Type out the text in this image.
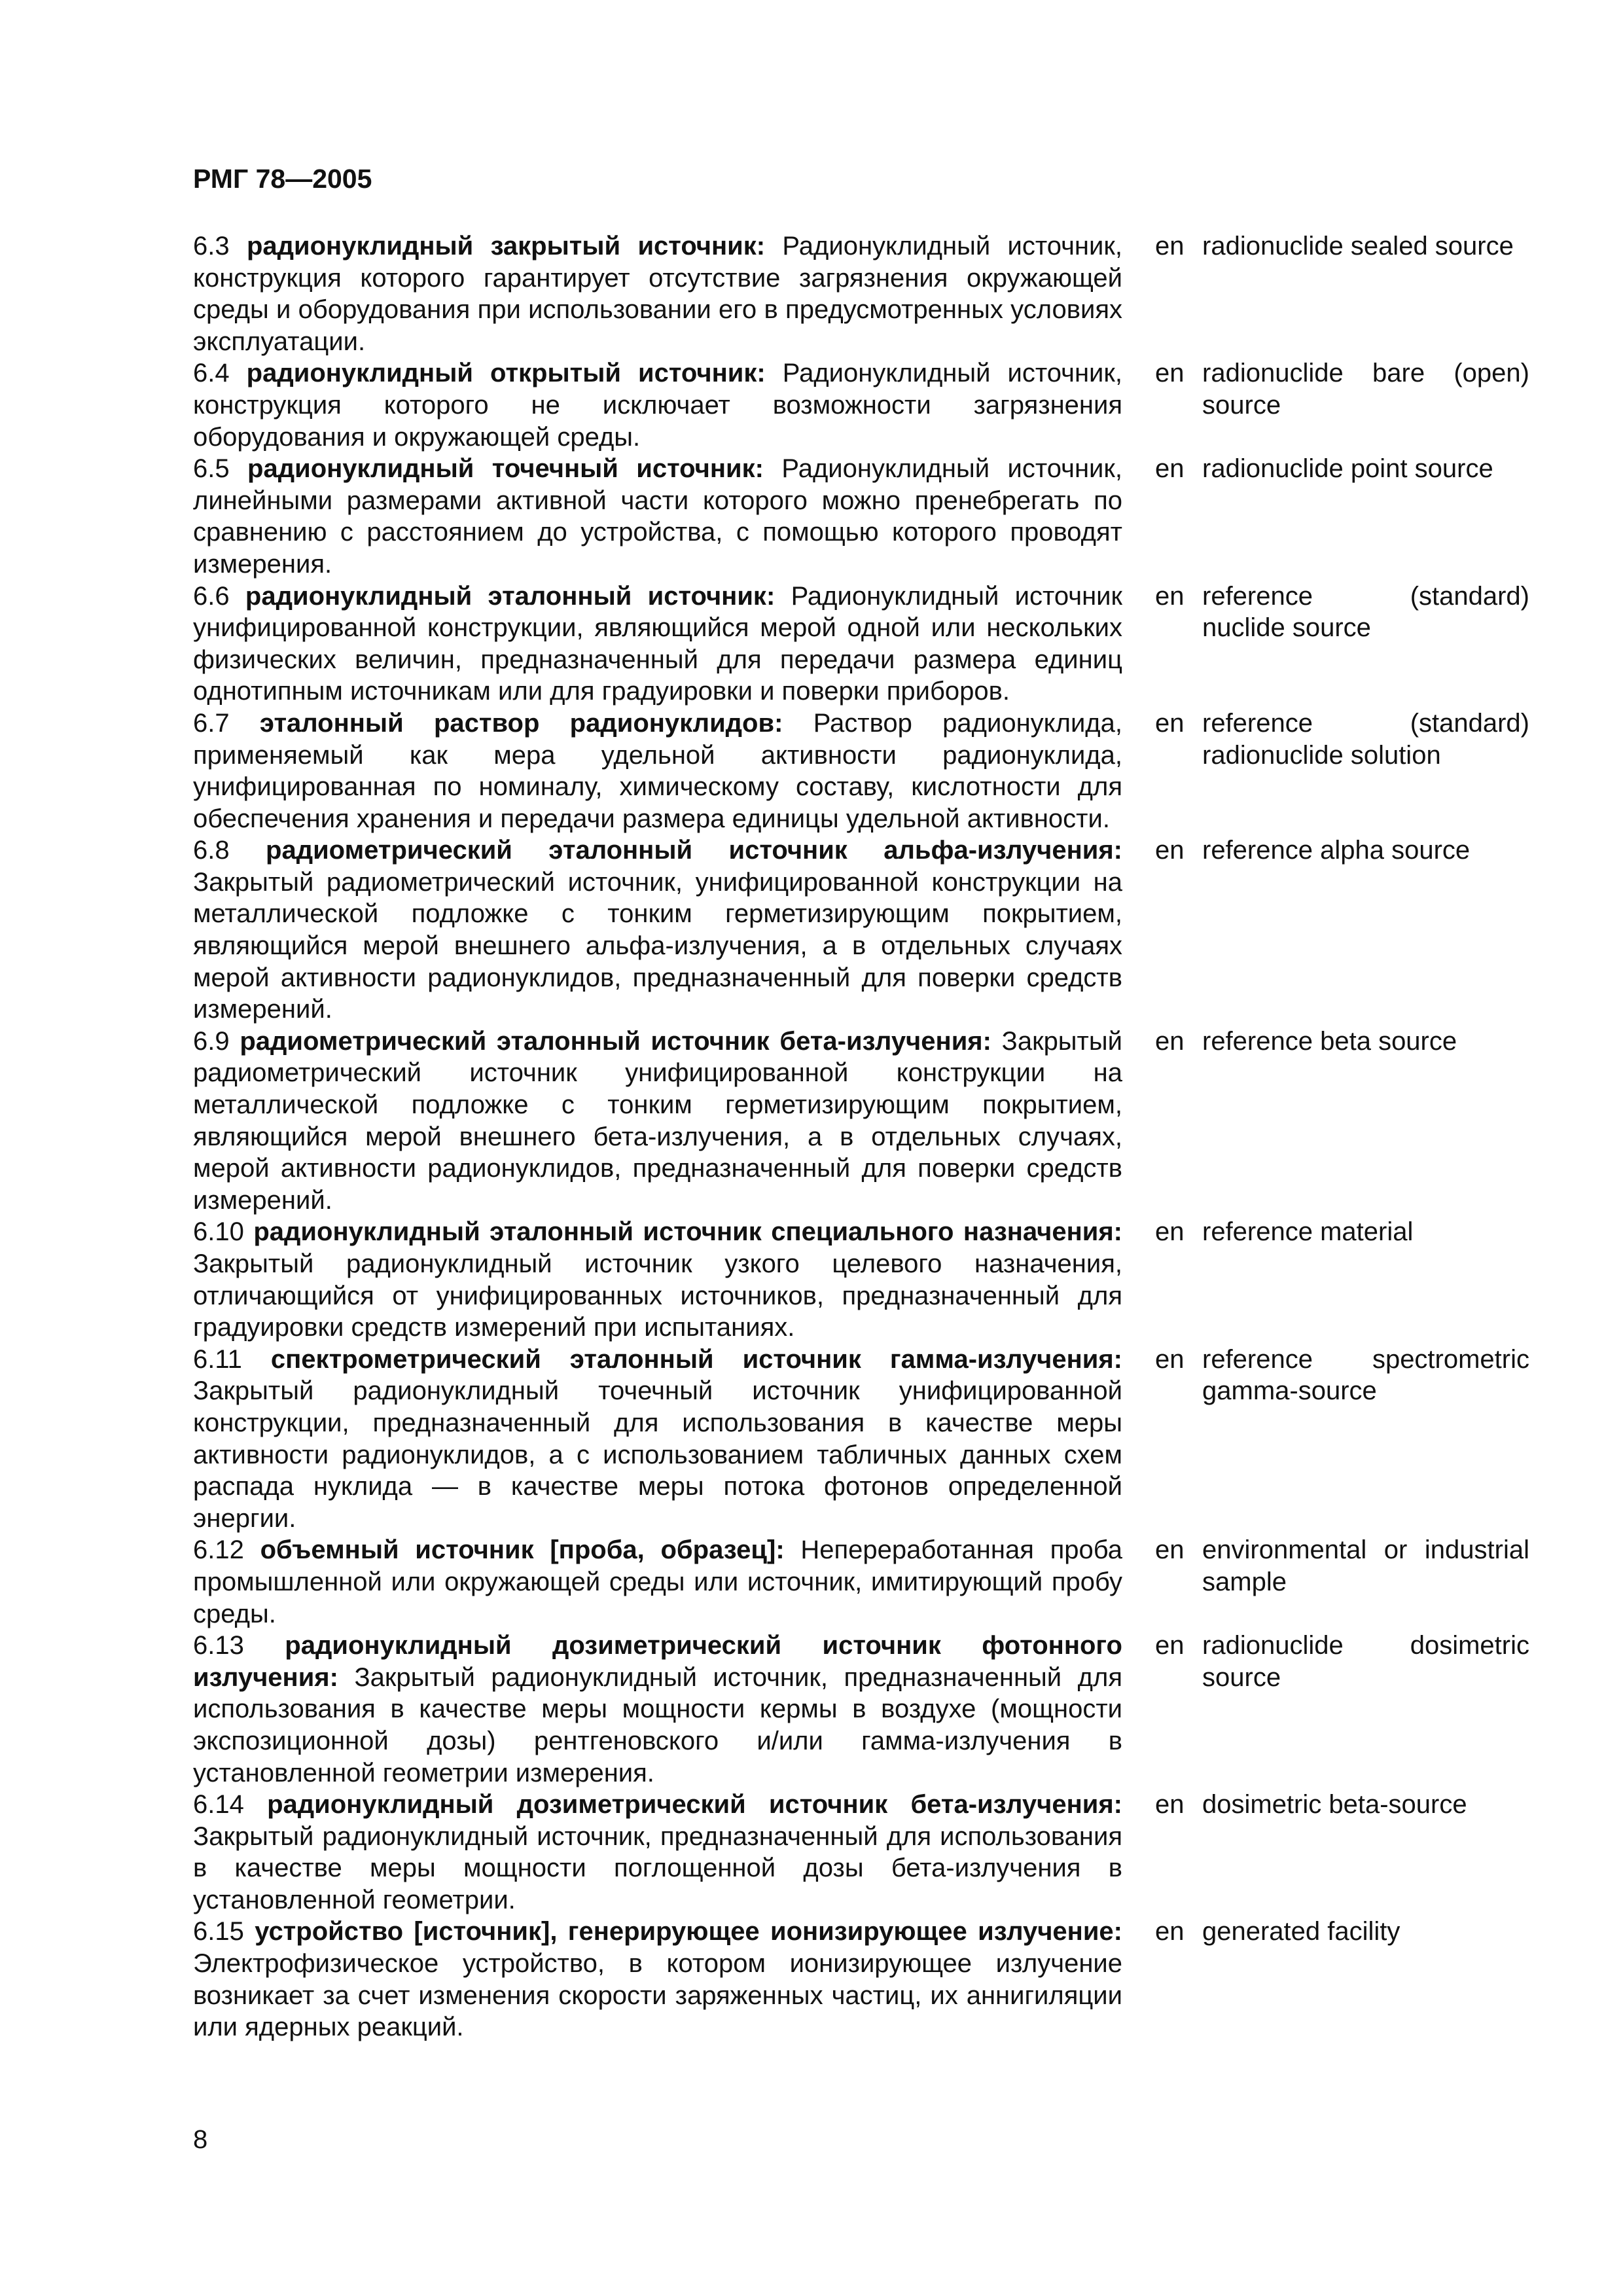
РМГ 78—2005
6.3 радионуклидный закрытый источник: Радионуклидный источник, конструкция которого гарантирует отсутствие загрязнения окружающей среды и оборудования при использовании его в предусмотренных условиях эксплуатации.
en radionuclide sealed source
6.4 радионуклидный открытый источник: Радионуклидный источник, конструкция которого не исключает возможности загрязнения оборудования и окружающей среды.
en radionuclide bare (open) source
6.5 радионуклидный точечный источник: Радионуклидный источник, линейными размерами активной части которого можно пренебрегать по сравнению с расстоянием до устройства, с помощью которого проводят измерения.
en radionuclide point source
6.6 радионуклидный эталонный источник: Радионуклидный источник унифицированной конструкции, являющийся мерой одной или нескольких физических величин, предназначенный для передачи размера единиц однотипным источникам или для градуировки и поверки приборов.
en reference (standard) nuclide source
6.7 эталонный раствор радионуклидов: Раствор радионуклида, применяемый как мера удельной активности радионуклида, унифицированная по номиналу, химическому составу, кислотности для обеспечения хранения и передачи размера единицы удельной активности.
en reference (standard) radionuclide solution
6.8 радиометрический эталонный источник альфа-излучения: Закрытый радиометрический источник, унифицированной конструкции на металлической подложке с тонким герметизирующим покрытием, являющийся мерой внешнего альфа-излучения, а в отдельных случаях мерой активности радионуклидов, предназначенный для поверки средств измерений.
en reference alpha source
6.9 радиометрический эталонный источник бета-излучения: Закрытый радиометрический источник унифицированной конструкции на металлической подложке с тонким герметизирующим покрытием, являющийся мерой внешнего бета-излучения, а в отдельных случаях, мерой активности радионуклидов, предназначенный для поверки средств измерений.
en reference beta source
6.10 радионуклидный эталонный источник специального назначения: Закрытый радионуклидный источник узкого целевого назначения, отличающийся от унифицированных источников, предназначенный для градуировки средств измерений при испытаниях.
en reference material
6.11 спектрометрический эталонный источник гамма-излучения: Закрытый радионуклидный точечный источник унифицированной конструкции, предназначенный для использования в качестве меры активности радионуклидов, а с использованием табличных данных схем распада нуклида — в качестве меры потока фотонов определенной энергии.
en reference spectrometric gamma-source
6.12 объемный источник [проба, образец]: Непереработанная проба промышленной или окружающей среды или источник, имитирующий пробу среды.
en environmental or industrial sample
6.13 радионуклидный дозиметрический источник фотонного излучения: Закрытый радионуклидный источник, предназначенный для использования в качестве меры мощности кермы в воздухе (мощности экспозиционной дозы) рентгеновского и/или гамма-излучения в установленной геометрии измерения.
en radionuclide dosimetric source
6.14 радионуклидный дозиметрический источник бета-излучения: Закрытый радионуклидный источник, предназначенный для использования в качестве меры мощности поглощенной дозы бета-излучения в установленной геометрии.
en dosimetric beta-source
6.15 устройство [источник], генерирующее ионизирующее излучение: Электрофизическое устройство, в котором ионизирующее излучение возникает за счет изменения скорости заряженных частиц, их аннигиляции или ядерных реакций.
en generated facility
8
